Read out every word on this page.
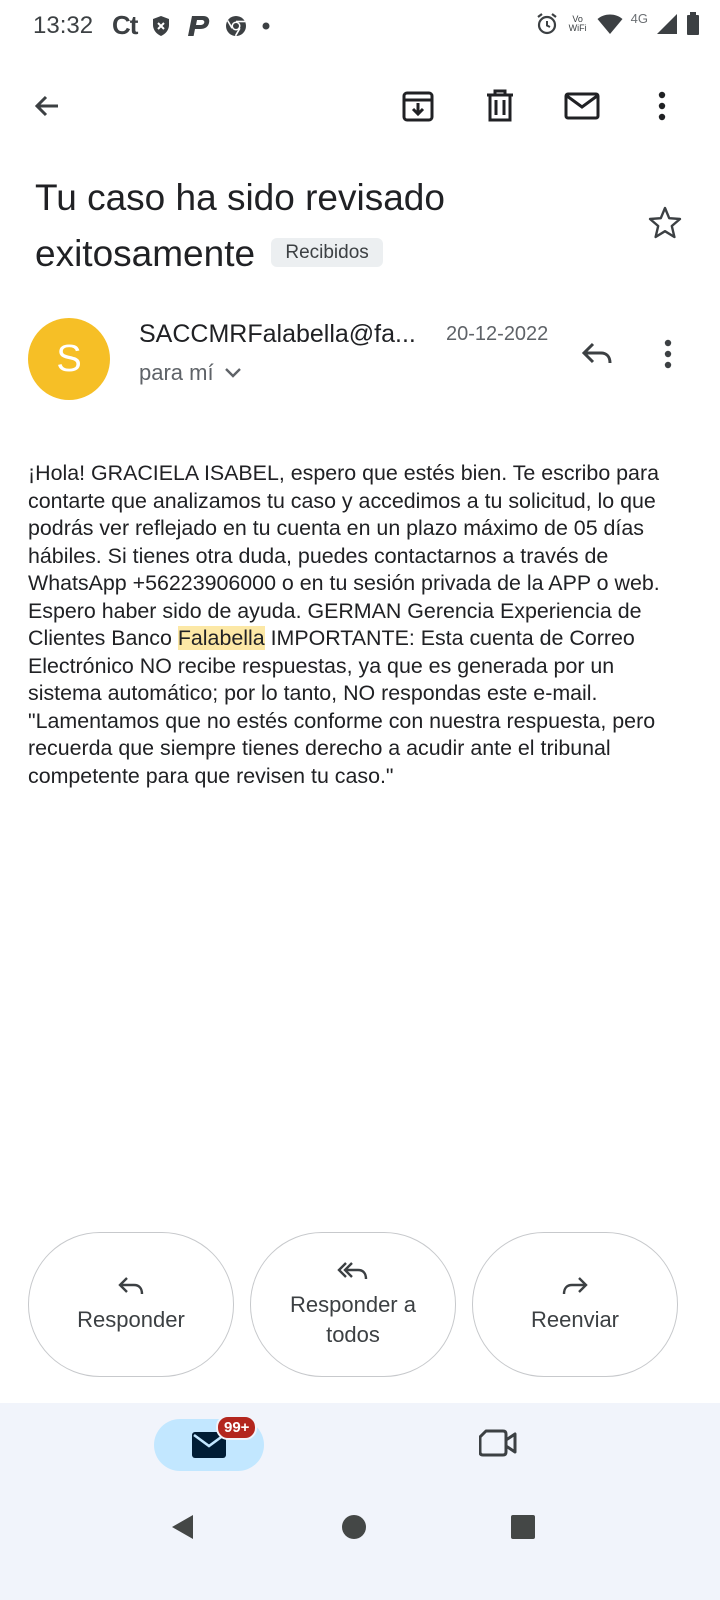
13:32 Ct	Vo
WiFi
4G
Tu caso ha sido revisado exitosamente Recibidos
S
SACCMRFalabella@fa... 20-12-2022
para mí
¡Hola! GRACIELA ISABEL, espero que estés bien. Te escribo para contarte que analizamos tu caso y accedimos a tu solicitud, lo que podrás ver reflejado en tu cuenta en un plazo máximo de 05 días hábiles. Si tienes otra duda, puedes contactarnos a través de WhatsApp +56223906000 o en tu sesión privada de la APP o web. Espero haber sido de ayuda. GERMAN Gerencia Experiencia de Clientes Banco Falabella IMPORTANTE: Esta cuenta de Correo Electrónico NO recibe respuestas, ya que es generada por un sistema automático; por lo tanto, NO respondas este e-mail. "Lamentamos que no estés conforme con nuestra respuesta, pero recuerda que siempre tienes derecho a acudir ante el tribunal competente para que revisen tu caso."
Responder
Responder a
todos
Reenviar
99+
